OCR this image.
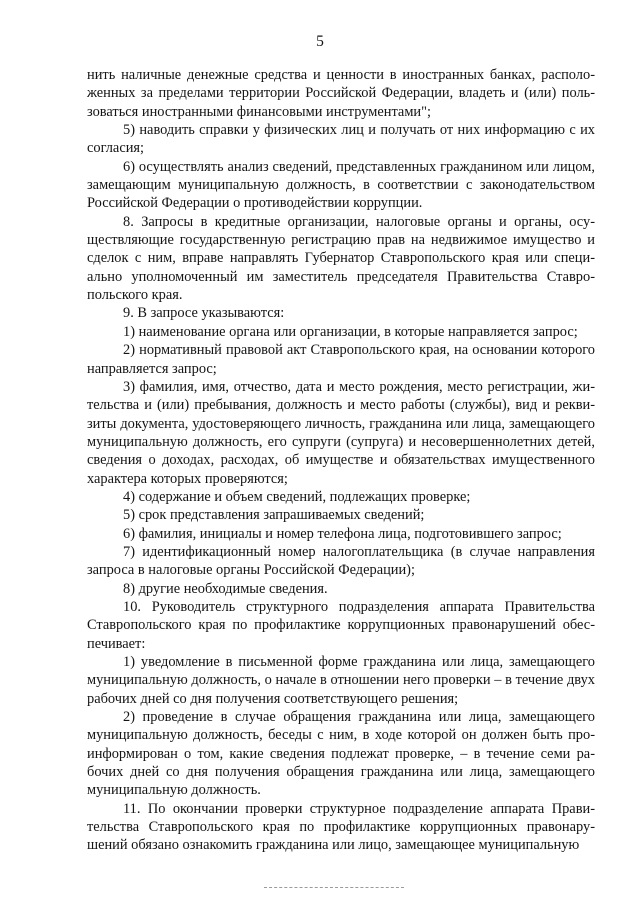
5

нить наличные денежные средства и ценности в иностранных банках, расположенных за пределами территории Российской Федерации, владеть и (или) пользоваться иностранными финансовыми инструментами";

5) наводить справки у физических лиц и получать от них информацию с их согласия;

6) осуществлять анализ сведений, представленных гражданином или лицом, замещающим муниципальную должность, в соответствии с законодательством Российской Федерации о противодействии коррупции.

8. Запросы в кредитные организации, налоговые органы и органы, осуществляющие государственную регистрацию прав на недвижимое имущество и сделок с ним, вправе направлять Губернатор Ставропольского края или специально уполномоченный им заместитель председателя Правительства Ставропольского края.

9. В запросе указываются:

1) наименование органа или организации, в которые направляется запрос;

2) нормативный правовой акт Ставропольского края, на основании которого направляется запрос;

3) фамилия, имя, отчество, дата и место рождения, место регистрации, жительства и (или) пребывания, должность и место работы (службы), вид и реквизиты документа, удостоверяющего личность, гражданина или лица, замещающего муниципальную должность, его супруги (супруга) и несовершеннолетних детей, сведения о доходах, расходах, об имуществе и обязательствах имущественного характера которых проверяются;

4) содержание и объем сведений, подлежащих проверке;

5) срок представления запрашиваемых сведений;

6) фамилия, инициалы и номер телефона лица, подготовившего запрос;

7) идентификационный номер налогоплательщика (в случае направления запроса в налоговые органы Российской Федерации);

8) другие необходимые сведения.

10. Руководитель структурного подразделения аппарата Правительства Ставропольского края по профилактике коррупционных правонарушений обеспечивает:

1) уведомление в письменной форме гражданина или лица, замещающего муниципальную должность, о начале в отношении него проверки – в течение двух рабочих дней со дня получения соответствующего решения;

2) проведение в случае обращения гражданина или лица, замещающего муниципальную должность, беседы с ним, в ходе которой он должен быть проинформирован о том, какие сведения подлежат проверке, – в течение семи рабочих дней со дня получения обращения гражданина или лица, замещающего муниципальную должность.

11. По окончании проверки структурное подразделение аппарата Правительства Ставропольского края по профилактике коррупционных правонарушений обязано ознакомить гражданина или лицо, замещающее муниципальную
